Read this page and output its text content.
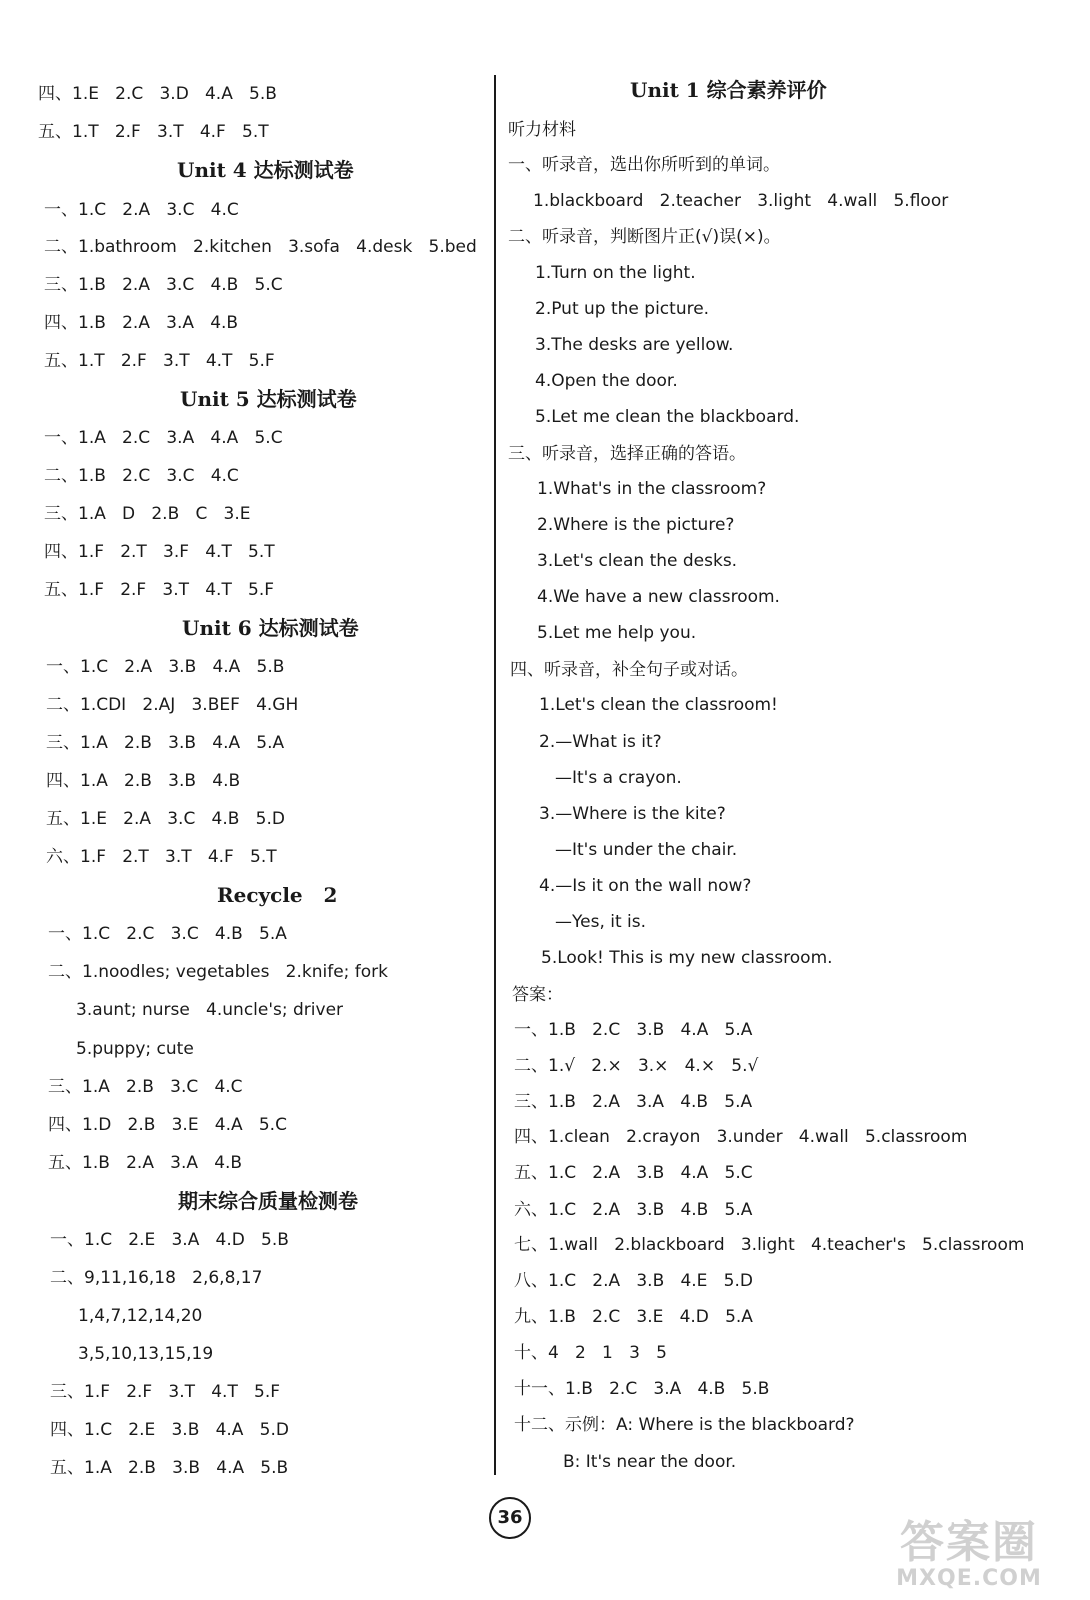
四、1.E   2.C   3.D   4.A   5.B
五、1.T   2.F   3.T   4.F   5.T
Unit 4 达标测试卷
一、1.C   2.A   3.C   4.C
二、1.bathroom   2.kitchen   3.sofa   4.desk   5.bed
三、1.B   2.A   3.C   4.B   5.C
四、1.B   2.A   3.A   4.B
五、1.T   2.F   3.T   4.T   5.F
Unit 5 达标测试卷
一、1.A   2.C   3.A   4.A   5.C
二、1.B   2.C   3.C   4.C
三、1.A   D   2.B   C   3.E
四、1.F   2.T   3.F   4.T   5.T
五、1.F   2.F   3.T   4.T   5.F
Unit 6 达标测试卷
一、1.C   2.A   3.B   4.A   5.B
二、1.CDI   2.AJ   3.BEF   4.GH
三、1.A   2.B   3.B   4.A   5.A
四、1.A   2.B   3.B   4.B
五、1.E   2.A   3.C   4.B   5.D
六、1.F   2.T   3.T   4.F   5.T
Recycle   2
一、1.C   2.C   3.C   4.B   5.A
二、1.noodles; vegetables   2.knife; fork
3.aunt; nurse   4.uncle's; driver
5.puppy; cute
三、1.A   2.B   3.C   4.C
四、1.D   2.B   3.E   4.A   5.C
五、1.B   2.A   3.A   4.B
期末综合质量检测卷
一、1.C   2.E   3.A   4.D   5.B
二、9,11,16,18   2,6,8,17
1,4,7,12,14,20
3,5,10,13,15,19
三、1.F   2.F   3.T   4.T   5.F
四、1.C   2.E   3.B   4.A   5.D
五、1.A   2.B   3.B   4.A   5.B
Unit 1 综合素养评价
听力材料
一、听录音，选出你所听到的单词。
1.blackboard   2.teacher   3.light   4.wall   5.floor
二、听录音，判断图片正(√)误(×)。
1.Turn on the light.
2.Put up the picture.
3.The desks are yellow.
4.Open the door.
5.Let me clean the blackboard.
三、听录音，选择正确的答语。
1.What's in the classroom?
2.Where is the picture?
3.Let's clean the desks.
4.We have a new classroom.
5.Let me help you.
四、听录音，补全句子或对话。
1.Let's clean the classroom!
2.—What is it?
—It's a crayon.
3.—Where is the kite?
—It's under the chair.
4.—Is it on the wall now?
—Yes, it is.
5.Look! This is my new classroom.
答案：
一、1.B   2.C   3.B   4.A   5.A
二、1.√   2.×   3.×   4.×   5.√
三、1.B   2.A   3.A   4.B   5.A
四、1.clean   2.crayon   3.under   4.wall   5.classroom
五、1.C   2.A   3.B   4.A   5.C
六、1.C   2.A   3.B   4.B   5.A
七、1.wall   2.blackboard   3.light   4.teacher's   5.classroom
八、1.C   2.A   3.B   4.E   5.D
九、1.B   2.C   3.E   4.D   5.A
十、4   2   1   3   5
十一、1.B   2.C   3.A   4.B   5.B
十二、示例：A: Where is the blackboard?
B: It's near the door.
36	答案圈
MXQE.COM
